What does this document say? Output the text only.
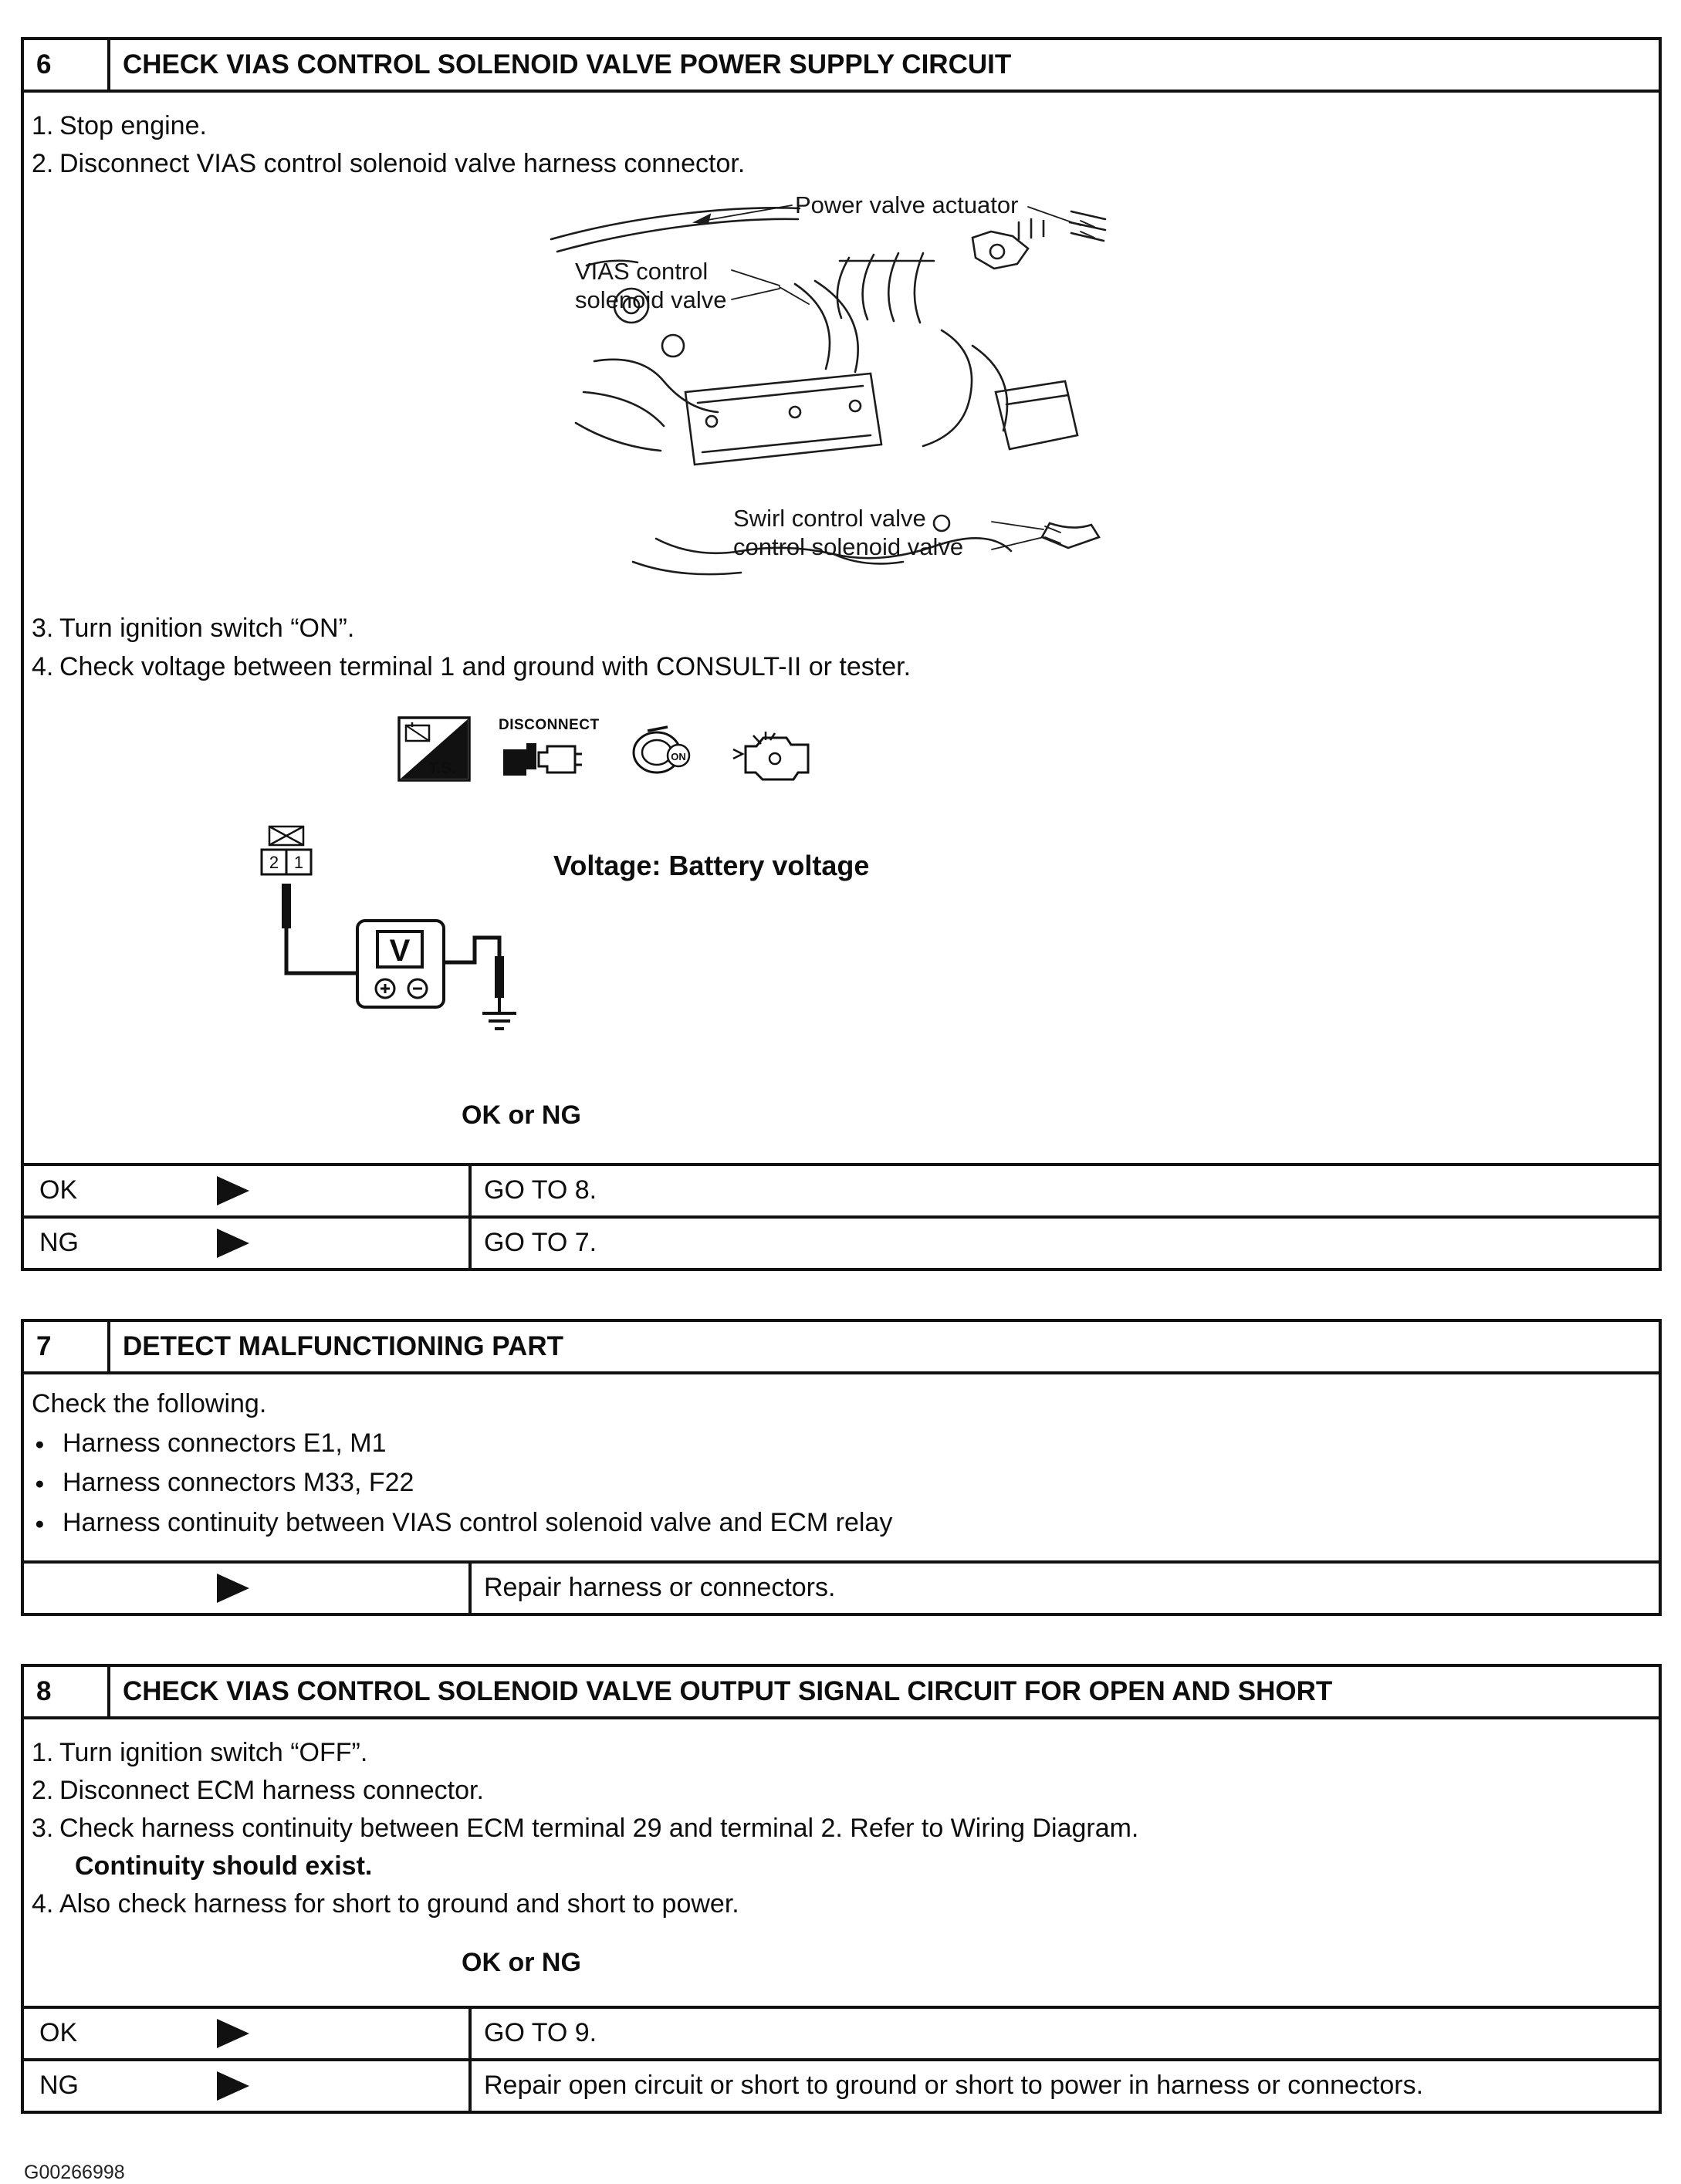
6	CHECK VIAS CONTROL SOLENOID VALVE POWER SUPPLY CIRCUIT
1. Stop engine.
2. Disconnect VIAS control solenoid valve harness connector.
Power valve actuator
VIAS control
solenoid valve
Swirl control valve
control solenoid valve
3. Turn ignition switch “ON”.
4. Check voltage between terminal 1 and ground with CONSULT-II or tester.
T.S.
DISCONNECT
ON
2 1
V
Voltage: Battery voltage
OK or NG
OK	GO TO 8.
NG	GO TO 7.
7	DETECT MALFUNCTIONING PART
Check the following.
●
Harness connectors E1, M1
●
Harness connectors M33, F22
●
Harness continuity between VIAS control solenoid valve and ECM relay
Repair harness or connectors.
8	CHECK VIAS CONTROL SOLENOID VALVE OUTPUT SIGNAL CIRCUIT FOR OPEN AND SHORT
1. Turn ignition switch “OFF”.
2. Disconnect ECM harness connector.
3. Check harness continuity between ECM terminal 29 and terminal 2. Refer to Wiring Diagram.
Continuity should exist.
4. Also check harness for short to ground and short to power.
OK or NG
OK	GO TO 9.
NG	Repair open circuit or short to ground or short to power in harness or connectors.
G00266998
